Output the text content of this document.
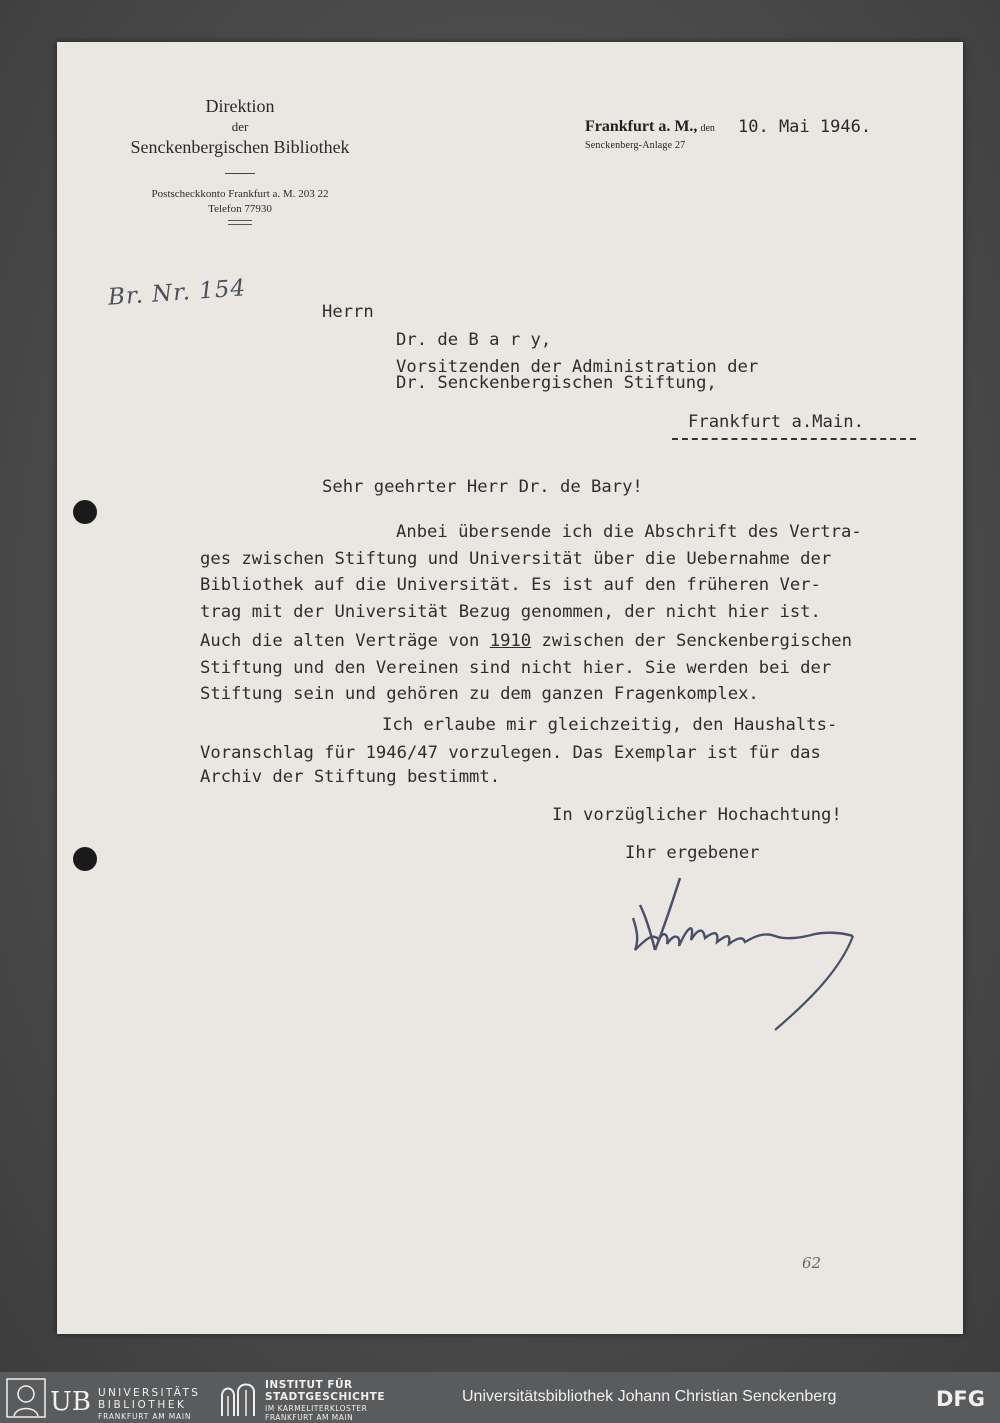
Direktion
der
Senckenbergischen Bibliothek
Postscheckkonto Frankfurt a. M. 203 22
Telefon 77930
Frankfurt a. M., den
Senckenberg-Anlage 27
10. Mai 1946.
Br. Nr. 154
Herrn
Dr. de B a r y,
Vorsitzenden der Administration der
Dr. Senckenbergischen Stiftung,
Frankfurt a.Main.
Sehr geehrter Herr Dr. de Bary!
Anbei übersende ich die Abschrift des Vertra-
ges zwischen Stiftung und Universität über die Uebernahme der
Bibliothek auf die Universität. Es ist auf den früheren Ver-
trag mit der Universität Bezug genommen, der nicht hier ist.
Auch die alten Verträge von 1910 zwischen der Senckenbergischen
Stiftung und den Vereinen sind nicht hier. Sie werden bei der
Stiftung sein und gehören zu dem ganzen Fragenkomplex.
Ich erlaube mir gleichzeitig, den Haushalts-
Voranschlag für 1946/47 vorzulegen. Das Exemplar ist für das
Archiv der Stiftung bestimmt.
In vorzüglicher Hochachtung!
Ihr ergebener
62
UB UNIVERSITÄTS
BIBLIOTHEK
FRANKFURT AM MAIN
INSTITUT FÜR
STADTGESCHICHTE
IM KARMELITERKLOSTER
FRANKFURT AM MAIN
Universitätsbibliothek Johann Christian Senckenberg	DFG
